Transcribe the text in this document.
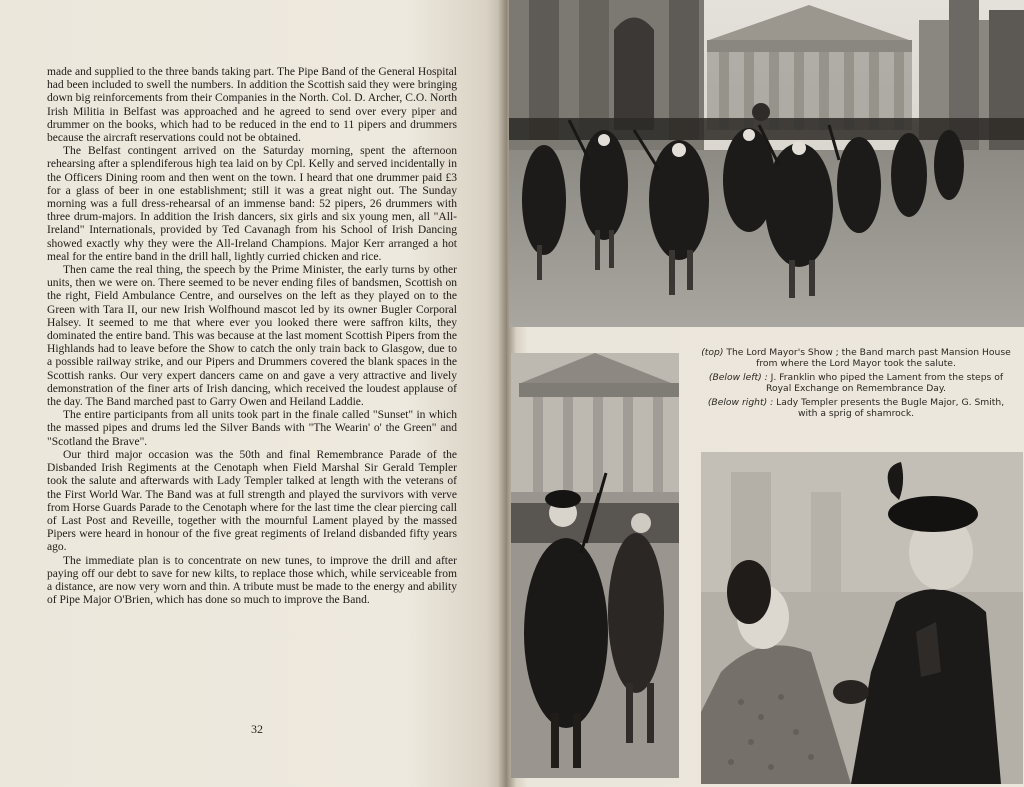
made and supplied to the three bands taking part. The Pipe Band of the General Hospital had been included to swell the numbers. In addition the Scottish said they were bringing down big reinforcements from their Companies in the North. Col. D. Archer, C.O. North Irish Militia in Belfast was approached and he agreed to send over every piper and drummer on the books, which had to be reduced in the end to 11 pipers and drummers because the aircraft reservations could not be obtained.

The Belfast contingent arrived on the Saturday morning, spent the afternoon rehearsing after a splendiferous high tea laid on by Cpl. Kelly and served incidentally in the Officers Dining room and then went on the town. I heard that one drummer paid £3 for a glass of beer in one establishment; still it was a great night out. The Sunday morning was a full dress-rehearsal of an immense band: 52 pipers, 26 drummers with three drum-majors. In addition the Irish dancers, six girls and six young men, all "All-Ireland" Internationals, provided by Ted Cavanagh from his School of Irish Dancing showed exactly why they were the All-Ireland Champions. Major Kerr arranged a hot meal for the entire band in the drill hall, lightly curried chicken and rice.

Then came the real thing, the speech by the Prime Minister, the early turns by other units, then we were on. There seemed to be never ending files of bandsmen, Scottish on the right, Field Ambulance Centre, and ourselves on the left as they played on to the Green with Tara II, our new Irish Wolfhound mascot led by its owner Bugler Corporal Halsey. It seemed to me that where ever you looked there were saffron kilts, they dominated the entire band. This was because at the last moment Scottish Pipers from the Highlands had to leave before the Show to catch the only train back to Glasgow, due to a possible railway strike, and our Pipers and Drummers covered the blank spaces in the Scottish ranks. Our very expert dancers came on and gave a very attractive and lively demonstration of the finer arts of Irish dancing, which received the loudest applause of the day. The Band marched past to Garry Owen and Heiland Laddie.

The entire participants from all units took part in the finale called "Sunset" in which the massed pipes and drums led the Silver Bands with "The Wearin' o' the Green" and "Scotland the Brave".

Our third major occasion was the 50th and final Remembrance Parade of the Disbanded Irish Regiments at the Cenotaph when Field Marshal Sir Gerald Templer took the salute and afterwards with Lady Templer talked at length with the veterans of the First World War. The Band was at full strength and played the survivors with verve from Horse Guards Parade to the Cenotaph where for the last time the clear piercing call of Last Post and Reveille, together with the mournful Lament played by the massed Pipers were heard in honour of the five great regiments of Ireland disbanded fifty years ago.

The immediate plan is to concentrate on new tunes, to improve the drill and after paying off our debt to save for new kilts, to replace those which, while serviceable from a distance, are now very worn and thin. A tribute must be made to the energy and ability of Pipe Major O'Brien, which has done so much to improve the Band.

32

(top) The Lord Mayor's Show ; the Band march past Mansion House from where the Lord Mayor took the salute.

(Below left) : J. Franklin who piped the Lament from the steps of Royal Exchange on Remembrance Day.

(Below right) : Lady Templer presents the Bugle Major, G. Smith, with a sprig of shamrock.
